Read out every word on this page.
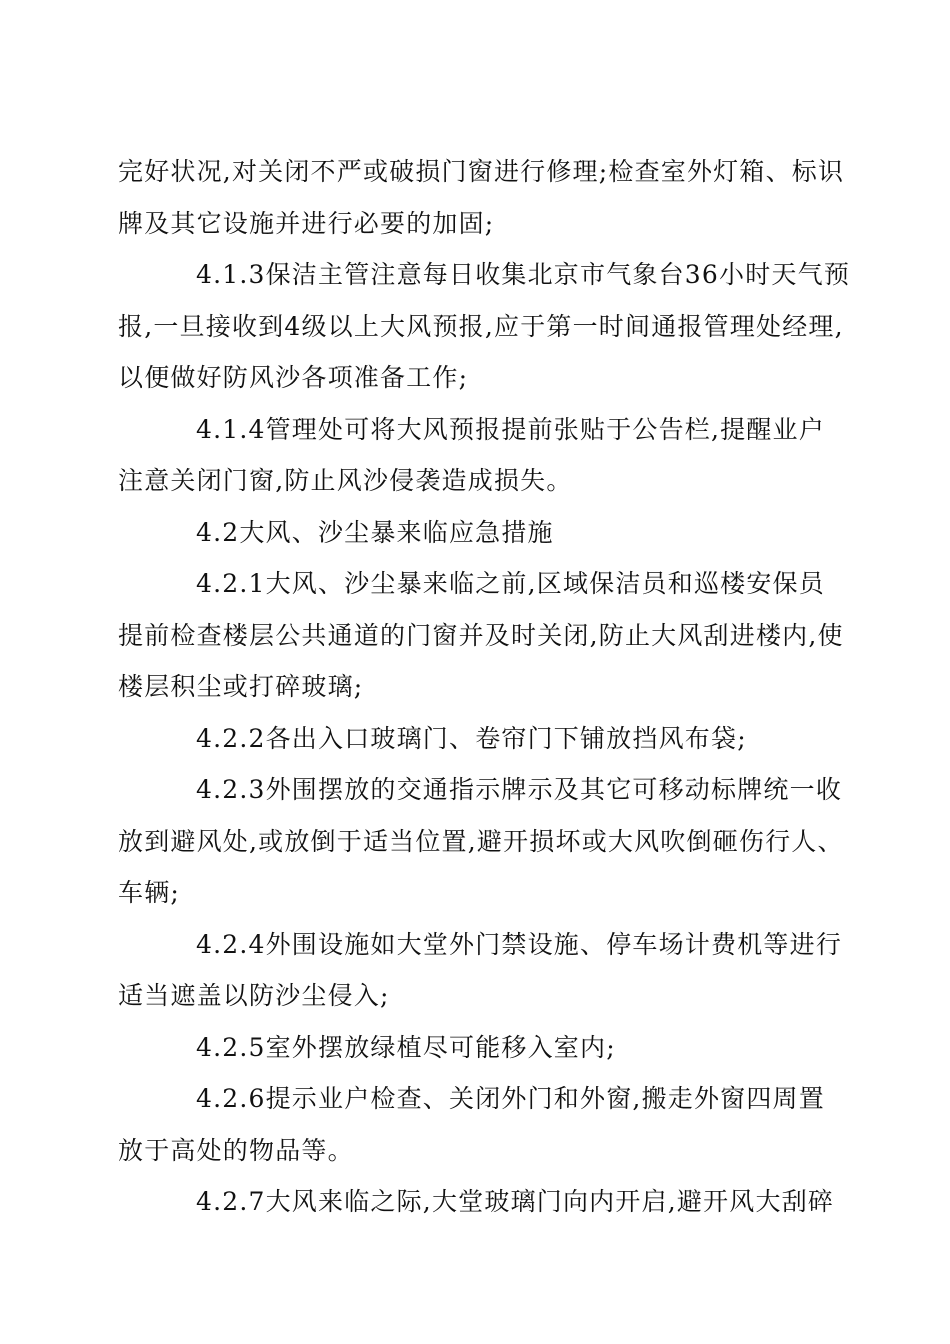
完好状况,对关闭不严或破损门窗进行修理;检查室外灯箱、标识
牌及其它设施并进行必要的加固;
4.1.3保洁主管注意每日收集北京市气象台36小时天气预
报,一旦接收到4级以上大风预报,应于第一时间通报管理处经理,
以便做好防风沙各项准备工作;
4.1.4管理处可将大风预报提前张贴于公告栏,提醒业户
注意关闭门窗,防止风沙侵袭造成损失。
4.2大风、沙尘暴来临应急措施
4.2.1大风、沙尘暴来临之前,区域保洁员和巡楼安保员
提前检查楼层公共通道的门窗并及时关闭,防止大风刮进楼内,使
楼层积尘或打碎玻璃;
4.2.2各出入口玻璃门、卷帘门下铺放挡风布袋;
4.2.3外围摆放的交通指示牌示及其它可移动标牌统一收
放到避风处,或放倒于适当位置,避开损坏或大风吹倒砸伤行人、
车辆;
4.2.4外围设施如大堂外门禁设施、停车场计费机等进行
适当遮盖以防沙尘侵入;
4.2.5室外摆放绿植尽可能移入室内;
4.2.6提示业户检查、关闭外门和外窗,搬走外窗四周置
放于高处的物品等。
4.2.7大风来临之际,大堂玻璃门向内开启,避开风大刮碎
